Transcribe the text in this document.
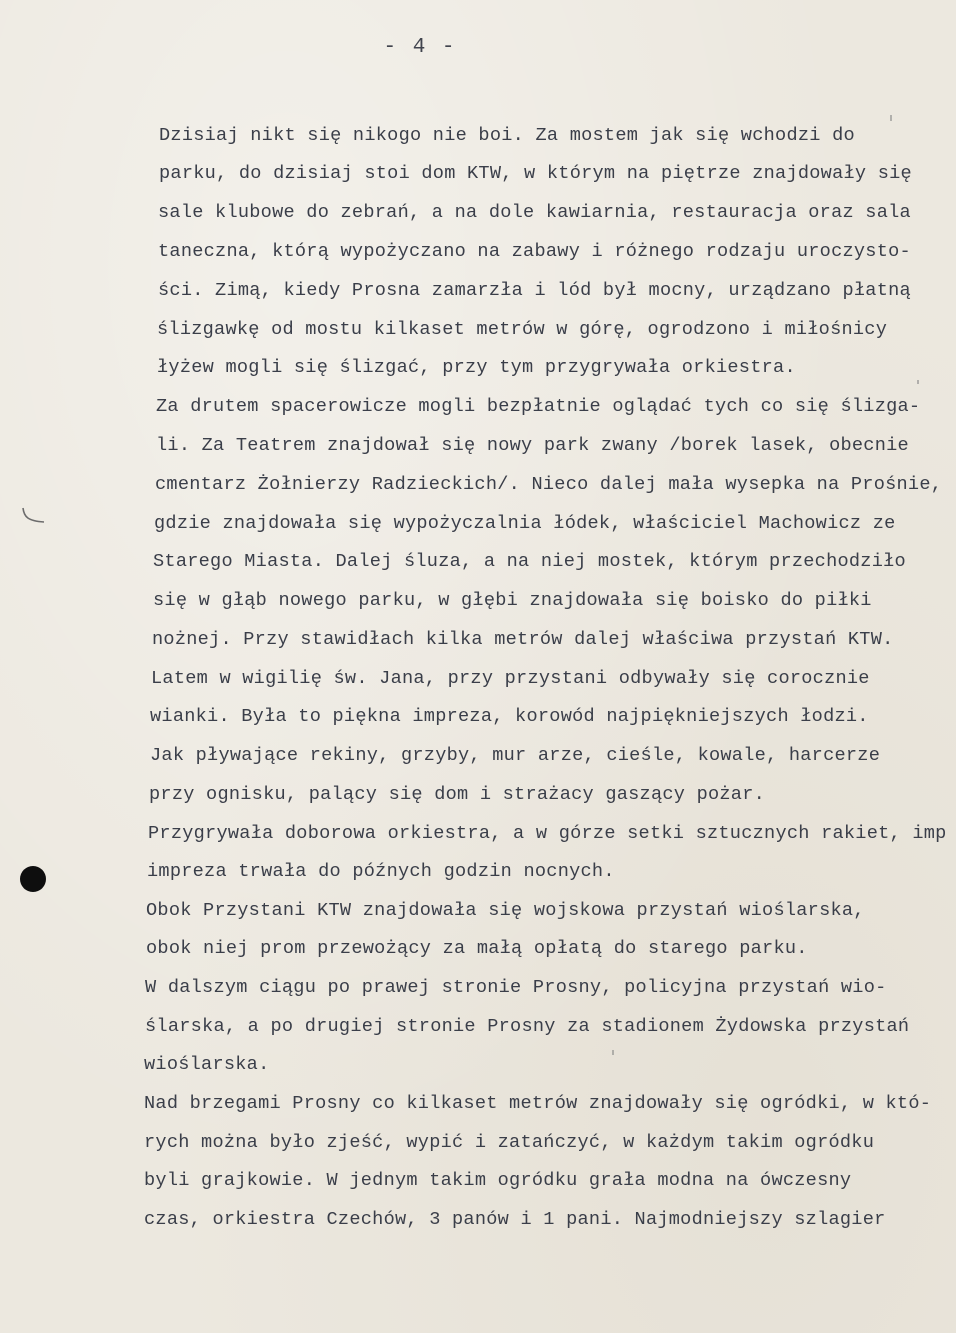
- 4 -
Dzisiaj nikt się nikogo nie boi. Za mostem jak się wchodzi do
parku, do dzisiaj stoi dom KTW, w którym na piętrze znajdowały się
sale klubowe do zebrań, a na dole kawiarnia, restauracja oraz sala
taneczna, którą wypożyczano na zabawy i różnego rodzaju uroczysto-
ści. Zimą, kiedy Prosna zamarzła i lód był mocny, urządzano płatną
ślizgawkę od mostu kilkaset metrów w górę, ogrodzono i miłośnicy
łyżew mogli się ślizgać, przy tym przygrywała orkiestra.
Za drutem spacerowicze mogli bezpłatnie oglądać tych co się ślizga-
li. Za Teatrem znajdował się nowy park zwany /borek lasek, obecnie
cmentarz Żołnierzy Radzieckich/. Nieco dalej mała wysepka na Prośnie,
gdzie znajdowała się wypożyczalnia łódek, właściciel Machowicz ze
Starego Miasta. Dalej śluza, a na niej mostek, którym przechodziło
się w głąb nowego parku, w głębi znajdowała się boisko do piłki
nożnej. Przy stawidłach kilka metrów dalej właściwa przystań KTW.
Latem w wigilię św. Jana, przy przystani odbywały się corocznie
wianki. Była to piękna impreza, korowód najpiękniejszych łodzi.
Jak pływające rekiny, grzyby, mur arze, cieśle, kowale, harcerze
przy ognisku, palący się dom i strażacy gaszący pożar.
Przygrywała doborowa orkiestra, a w górze setki sztucznych rakiet, imp
impreza trwała do późnych godzin nocnych.
Obok Przystani KTW znajdowała się wojskowa przystań wioślarska,
obok niej prom przewożący za małą opłatą do starego parku.
W dalszym ciągu po prawej stronie Prosny, policyjna przystań wio-
ślarska, a po drugiej stronie Prosny za stadionem Żydowska przystań
wioślarska.
Nad brzegami Prosny co kilkaset metrów znajdowały się ogródki, w któ-
rych można było zjeść, wypić i zatańczyć, w każdym takim ogródku
byli grajkowie. W jednym takim ogródku grała modna na ówczesny
czas, orkiestra Czechów, 3 panów i 1 pani. Najmodniejszy szlagier
